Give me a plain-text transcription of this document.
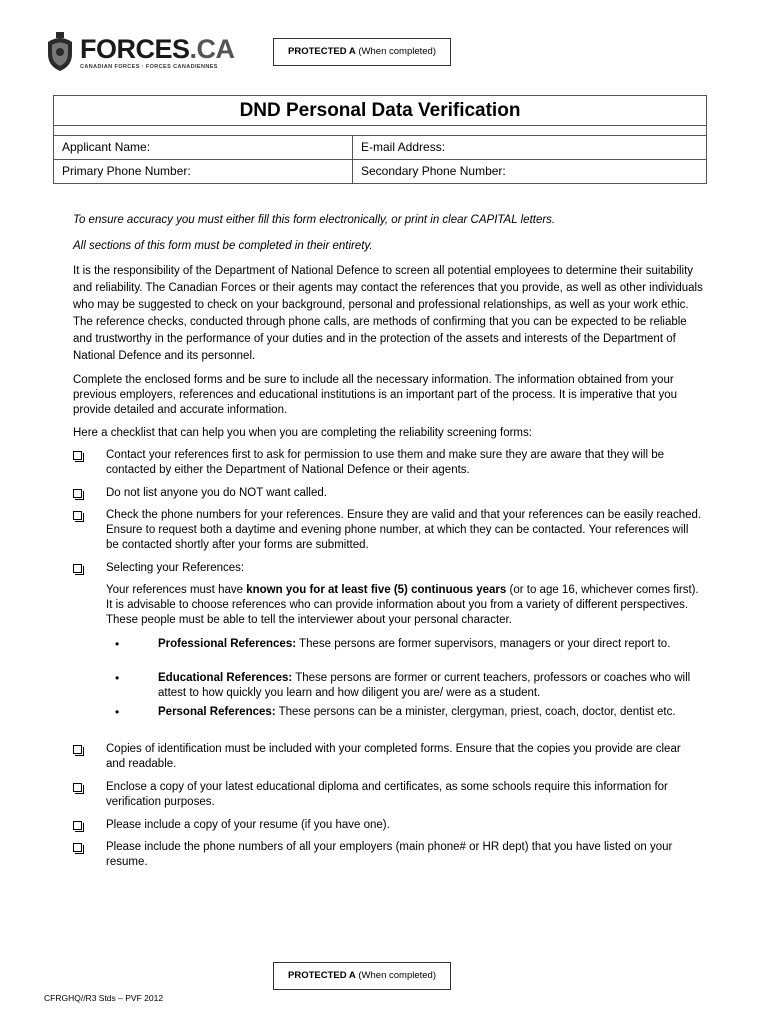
FORCES.CA
CANADIAN FORCES · FORCES CANADIENNES
PROTECTED A (When completed)
DND Personal Data Verification
Applicant Name:	E-mail Address:
Primary Phone Number:	Secondary Phone Number:

To ensure accuracy you must either fill this form electronically, or print in clear CAPITAL letters.

All sections of this form must be completed in their entirety.

It is the responsibility of the Department of National Defence to screen all potential employees to determine their suitability and reliability. The Canadian Forces or their agents may contact the references that you provide, as well as other individuals who may be suggested to check on your background, personal and professional relationships, as well as your work ethic. The reference checks, conducted through phone calls, are methods of confirming that you can be expected to be reliable and trustworthy in the performance of your duties and in the protection of the assets and interests of the Department of National Defence and its personnel.

Complete the enclosed forms and be sure to include all the necessary information. The information obtained from your previous employers, references and educational institutions is an important part of the process. It is imperative that you provide detailed and accurate information.

Here a checklist that can help you when you are completing the reliability screening forms:

Contact your references first to ask for permission to use them and make sure they are aware that they will be contacted by either the Department of National Defence or their agents.
Do not list anyone you do NOT want called.
Check the phone numbers for your references. Ensure they are valid and that your references can be easily reached. Ensure to request both a daytime and evening phone number, at which they can be contacted. Your references will be contacted shortly after your forms are submitted.
Selecting your References:
Your references must have known you for at least five (5) continuous years (or to age 16, whichever comes first). It is advisable to choose references who can provide information about you from a variety of different perspectives. These people must be able to tell the interviewer about your personal character.
•	Professional References: These persons are former supervisors, managers or your direct report to.
•	Educational References: These persons are former or current teachers, professors or coaches who will attest to how quickly you learn and how diligent you are/ were as a student.
•	Personal References: These persons can be a minister, clergyman, priest, coach, doctor, dentist etc.
Copies of identification must be included with your completed forms. Ensure that the copies you provide are clear and readable.
Enclose a copy of your latest educational diploma and certificates, as some schools require this information for verification purposes.
Please include a copy of your resume (if you have one).
Please include the phone numbers of all your employers (main phone# or HR dept) that you have listed on your resume.
PROTECTED A (When completed)
CFRGHQ//R3 Stds – PVF 2012
